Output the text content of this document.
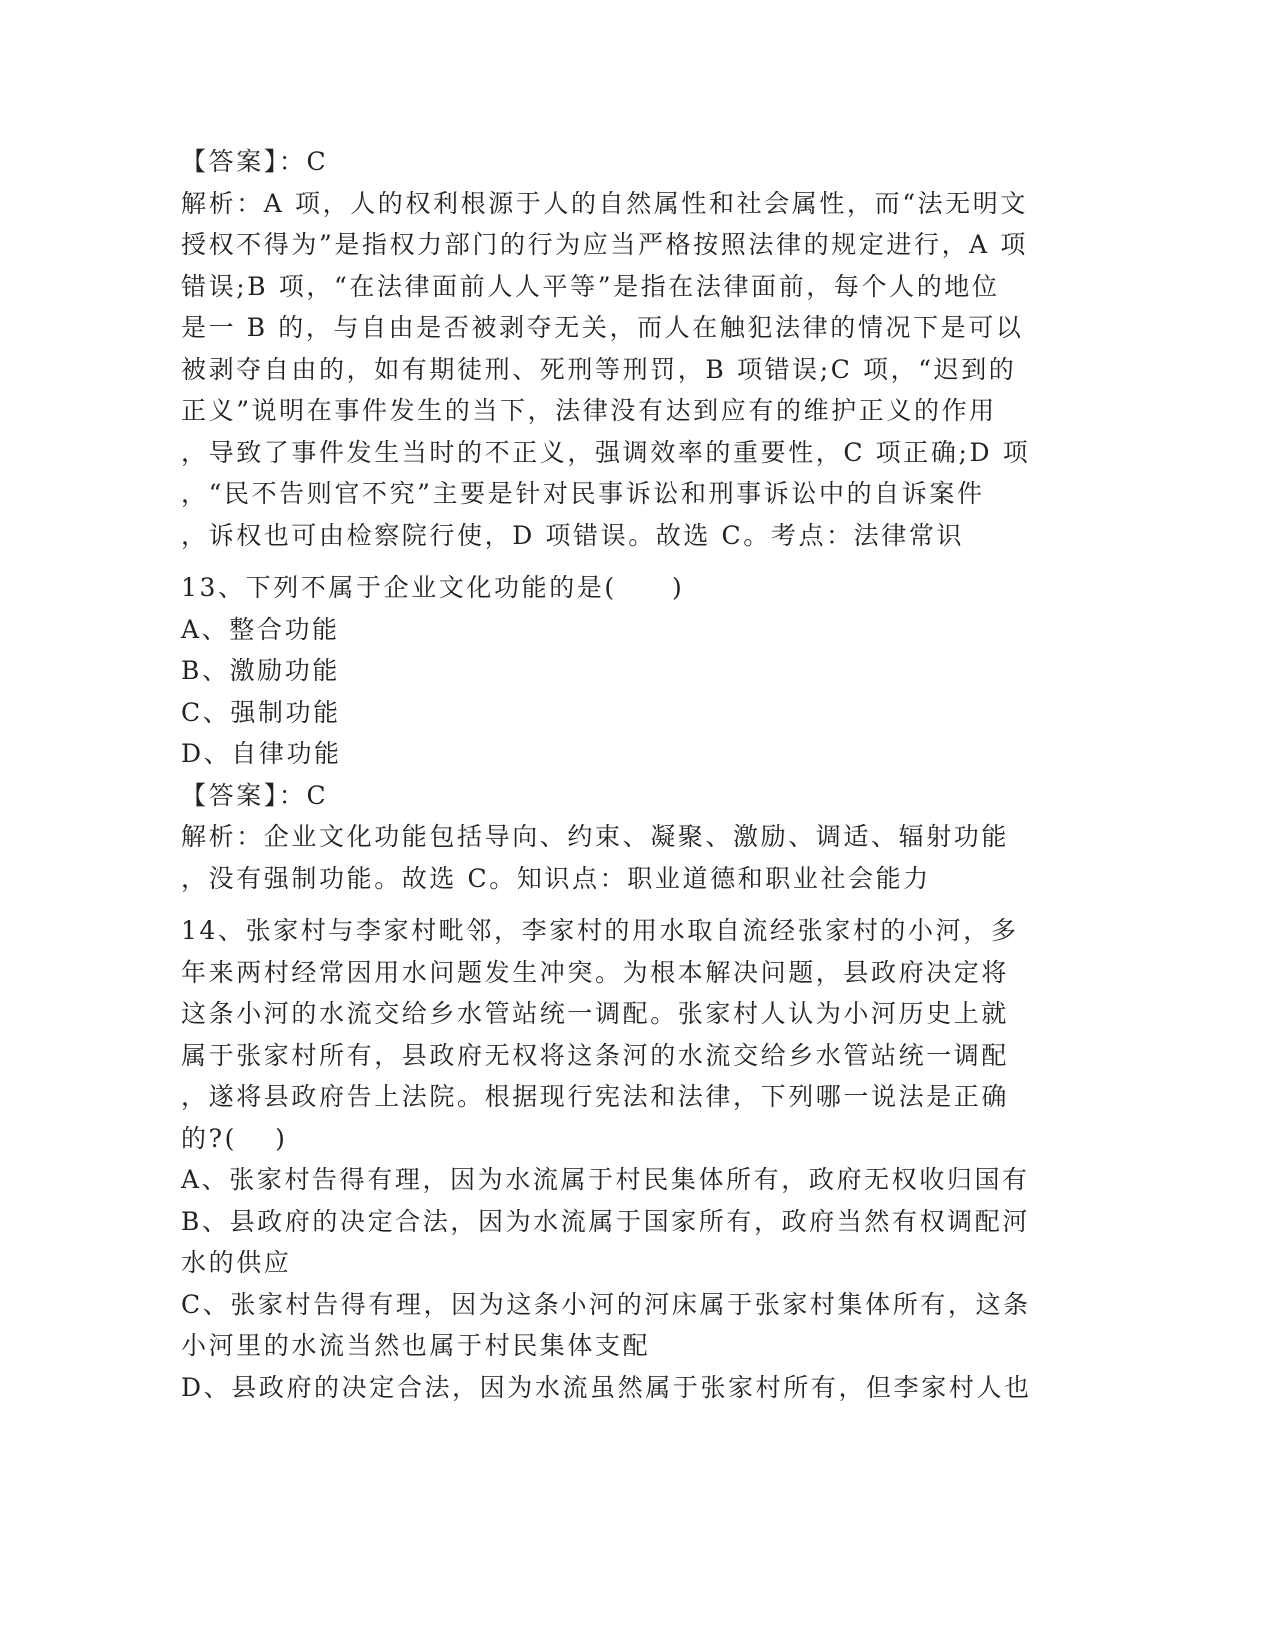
【答案】：C
解析：A 项，人的权利根源于人的自然属性和社会属性，而“法无明文
授权不得为”是指权力部门的行为应当严格按照法律的规定进行，A 项
错误;B 项，“在法律面前人人平等”是指在法律面前，每个人的地位
是一 B 的，与自由是否被剥夺无关，而人在触犯法律的情况下是可以
被剥夺自由的，如有期徒刑、死刑等刑罚，B 项错误;C 项，“迟到的
正义”说明在事件发生的当下，法律没有达到应有的维护正义的作用
，导致了事件发生当时的不正义，强调效率的重要性，C 项正确;D 项
，“民不告则官不究”主要是针对民事诉讼和刑事诉讼中的自诉案件
，诉权也可由检察院行使，D 项错误。故选 C。考点：法律常识
13、下列不属于企业文化功能的是(　　)
A、整合功能
B、激励功能
C、强制功能
D、自律功能
【答案】：C
解析：企业文化功能包括导向、约束、凝聚、激励、调适、辐射功能
，没有强制功能。故选 C。知识点：职业道德和职业社会能力
14、张家村与李家村毗邻，李家村的用水取自流经张家村的小河，多
年来两村经常因用水问题发生冲突。为根本解决问题，县政府决定将
这条小河的水流交给乡水管站统一调配。张家村人认为小河历史上就
属于张家村所有，县政府无权将这条河的水流交给乡水管站统一调配
，遂将县政府告上法院。根据现行宪法和法律，下列哪一说法是正确
的?(　 )
A、张家村告得有理，因为水流属于村民集体所有，政府无权收归国有
B、县政府的决定合法，因为水流属于国家所有，政府当然有权调配河
水的供应
C、张家村告得有理，因为这条小河的河床属于张家村集体所有，这条
小河里的水流当然也属于村民集体支配
D、县政府的决定合法，因为水流虽然属于张家村所有，但李家村人也
